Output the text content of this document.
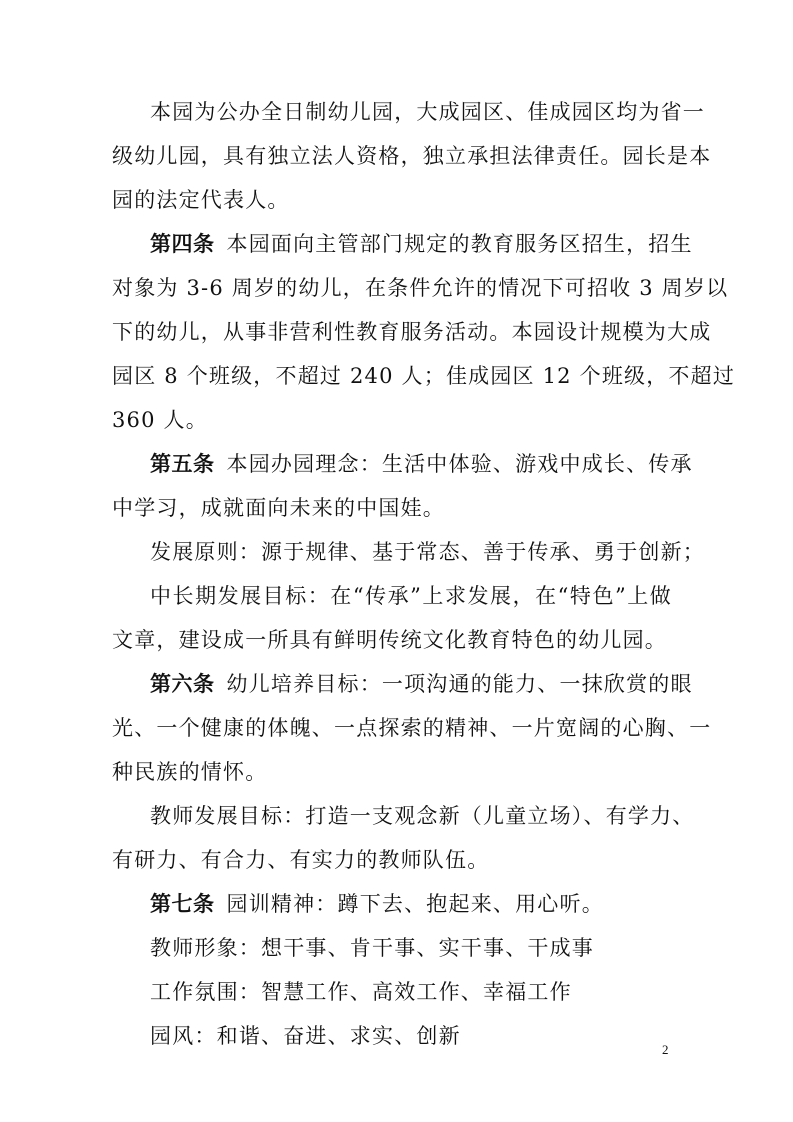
本园为公办全日制幼儿园，大成园区、佳成园区均为省一
级幼儿园，具有独立法人资格，独立承担法律责任。园长是本
园的法定代表人。
第四条 本园面向主管部门规定的教育服务区招生，招生
对象为 3-6 周岁的幼儿，在条件允许的情况下可招收 3 周岁以
下的幼儿，从事非营利性教育服务活动。本园设计规模为大成
园区 8 个班级，不超过 240 人；佳成园区 12 个班级，不超过
360 人。
第五条 本园办园理念：生活中体验、游戏中成长、传承
中学习，成就面向未来的中国娃。
发展原则：源于规律、基于常态、善于传承、勇于创新；
中长期发展目标：在“传承”上求发展，在“特色”上做
文章，建设成一所具有鲜明传统文化教育特色的幼儿园。
第六条 幼儿培养目标：一项沟通的能力、一抹欣赏的眼
光、一个健康的体魄、一点探索的精神、一片宽阔的心胸、一
种民族的情怀。
教师发展目标：打造一支观念新（儿童立场）、有学力、
有研力、有合力、有实力的教师队伍。
第七条 园训精神：蹲下去、抱起来、用心听。
教师形象：想干事、肯干事、实干事、干成事
工作氛围：智慧工作、高效工作、幸福工作
园风：和谐、奋进、求实、创新
2
